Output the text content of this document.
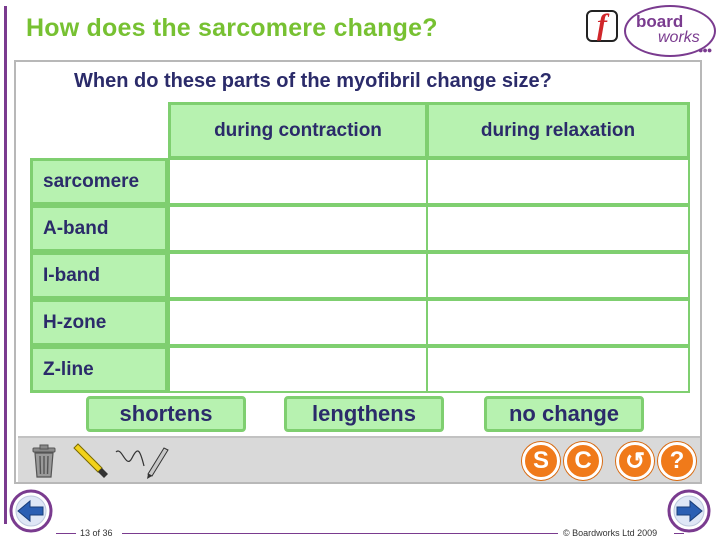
How does the sarcomere change?	f board
works
●●●
When do these parts of the myofibril change size?
during contraction	during relaxation
sarcomere
A-band
I-band
H-zone
Z-line
shortens	lengthens	no change
S	C	↺	?
13 of 36	© Boardworks Ltd 2009
